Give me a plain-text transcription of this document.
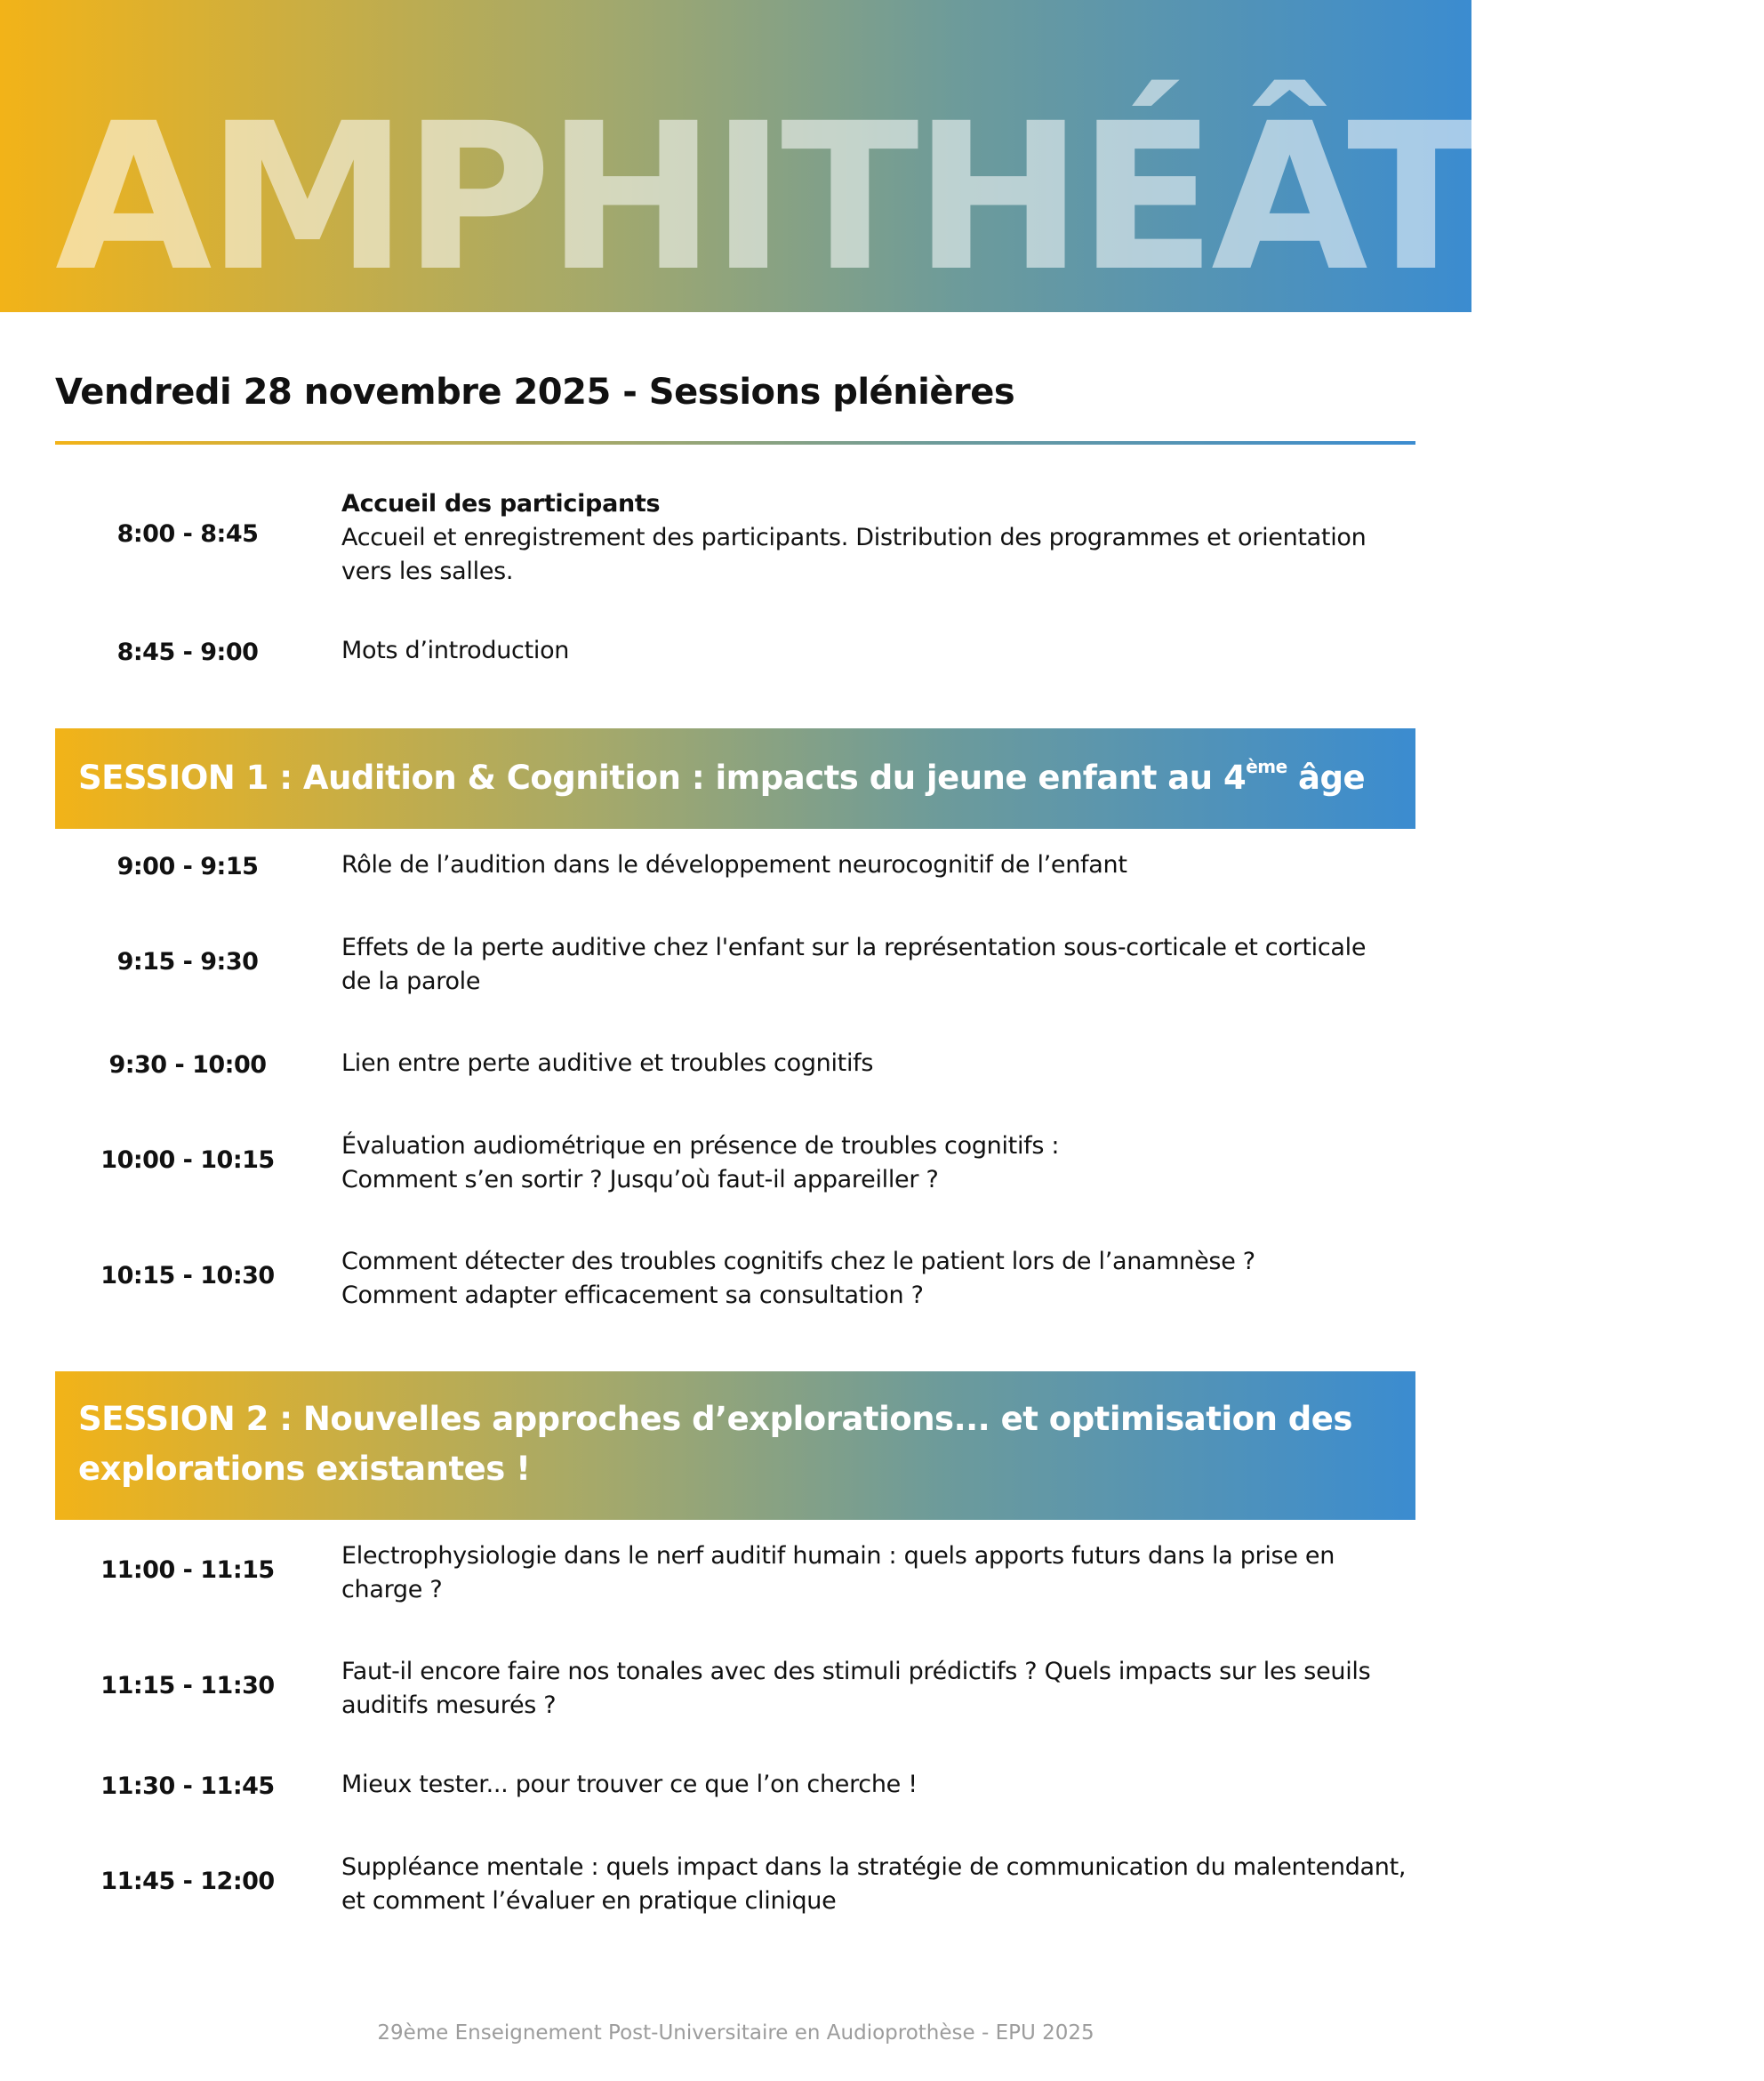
AMPHITHÉÂTRE
Vendredi 28 novembre 2025 - Sessions plénières
8:00 - 8:45
Accueil des participants
Accueil et enregistrement des participants. Distribution des programmes et orientation
vers les salles.
8:45 - 9:00	Mots d’introduction
SESSION 1 : Audition & Cognition : impacts du jeune enfant au 4ème âge
9:00 - 9:15	Rôle de l’audition dans le développement neurocognitif de l’enfant
9:15 - 9:30
Effets de la perte auditive chez l'enfant sur la représentation sous-corticale et corticale
de la parole
9:30 - 10:00	Lien entre perte auditive et troubles cognitifs
10:00 - 10:15
Évaluation audiométrique en présence de troubles cognitifs :
Comment s’en sortir ? Jusqu’où faut-il appareiller ?
10:15 - 10:30
Comment détecter des troubles cognitifs chez le patient lors de l’anamnèse ?
Comment adapter efficacement sa consultation ?
SESSION 2 : Nouvelles approches d’explorations... et optimisation des
explorations existantes !
11:00 - 11:15
Electrophysiologie dans le nerf auditif humain : quels apports futurs dans la prise en
charge ?
11:15 - 11:30
Faut-il encore faire nos tonales avec des stimuli prédictifs ? Quels impacts sur les seuils
auditifs mesurés ?
11:30 - 11:45	Mieux tester... pour trouver ce que l’on cherche !
11:45 - 12:00
Suppléance mentale : quels impact dans la stratégie de communication du malentendant,
et comment l’évaluer en pratique clinique
29ème Enseignement Post-Universitaire en Audioprothèse - EPU 2025
